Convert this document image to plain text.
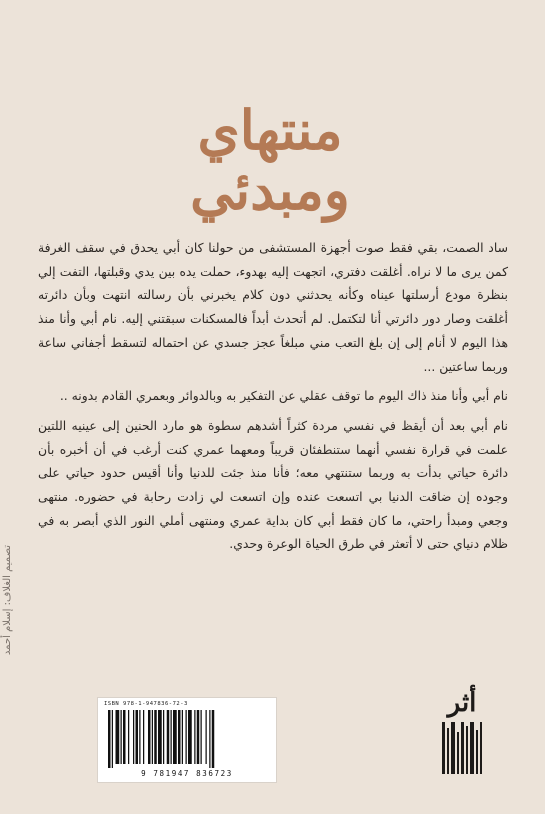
منتهاي
ومبدئي

ساد الصمت، بقي فقط صوت أجهزة المستشفى من حولنا كان أبي يحدق في سقف الغرفة كمن يرى ما لا نراه. أغلقت دفتري، اتجهت إليه بهدوء، حملت يده بين يدي وقبلتها، التفت إلي بنظرة مودع أرسلتها عيناه وكأنه يحدثني دون كلام يخبرني بأن رسالته انتهت وبأن دائرته أغلقت وصار دور دائرتي أنا لتكتمل. لم أتحدث أبداً فالمسكنات سبقتني إليه. نام أبي وأنا منذ هذا اليوم لا أنام إلى إن بلغ التعب مني مبلغاً عجز جسدي عن احتماله لتسقط أجفاني ساعة وربما ساعتين ...

نام أبي وأنا منذ ذاك اليوم ما توقف عقلي عن التفكير به وبالدوائر وبعمري القادم بدونه ..

نام أبي بعد أن أيقظ في نفسي مردة كثراً أشدهم سطوة هو مارد الحنين إلى عينيه اللتين علمت في قرارة نفسي أنهما ستنطفئان قريباً ومعهما عمري كنت أرغب في أن أخبره بأن دائرة حياتي بدأت به وربما ستنتهي معه؛ فأنا منذ جئت للدنيا وأنا أقيس حدود حياتي على وجوده إن ضاقت الدنيا بي اتسعت عنده وإن اتسعت لي زادت رحابة في حضوره. منتهى وجعي ومبدأ راحتي، ما كان فقط أبي كان بداية عمري ومنتهى أملي النور الذي أبصر به في ظلام دنياي حتى لا أتعثر في طرق الحياة الوعرة وحدي.

تصميم الغلاف: إسلام أحمد
ISBN 978-1-947836-72-3
9 781947 836723
أثر
